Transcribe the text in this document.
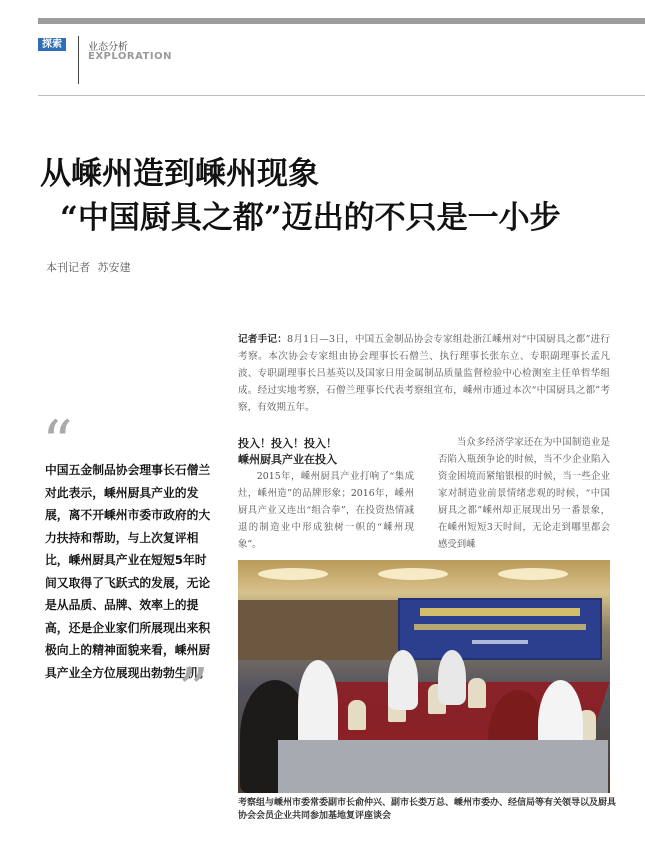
探索	业态分析
EXPLORATION
从嵊州造到嵊州现象
“中国厨具之都”迈出的不只是一小步
本刊记者 苏安建
记者手记：8月1日—3日，中国五金制品协会专家组赴浙江嵊州对“中国厨具之都”进行考察。本次协会专家组由协会理事长石僧兰、执行理事长张东立、专职副理事长孟凡波、专职副理事长吕基英以及国家日用金属制品质量监督检验中心检测室主任单哲华组成。经过实地考察，石僧兰理事长代表考察组宣布，嵊州市通过本次“中国厨具之都”考察，有效期五年。
“
中国五金制品协会理事长石僧兰对此表示，嵊州厨具产业的发展，离不开嵊州市委市政府的大力扶持和帮助，与上次复评相比，嵊州厨具产业在短短5年时间又取得了飞跃式的发展，无论是从品质、品牌、效率上的提高，还是企业家们所展现出来积极向上的精神面貌来看，嵊州厨具产业全方位展现出勃勃生机。
”
投入！投入！投入！
嵊州厨具产业在投入
2015年，嵊州厨具产业打响了“集成灶，嵊州造”的品牌形象；2016年，嵊州厨具产业又连出“组合拳”，在投资热情减退的制造业中形成独树一帜的“嵊州现象”。
当众多经济学家还在为中国制造业是否陷入瓶颈争论的时候，当不少企业陷入资金困境而紧缩银根的时候，当一些企业家对制造业前景情绪悲观的时候，“中国厨具之都”嵊州却正展现出另一番景象，在嵊州短短3天时间，无论走到哪里都会感受到嵊
考察组与嵊州市委常委副市长俞仲兴、副市长娄万总、嵊州市委办、经信局等有关领导以及厨具协会会员企业共同参加基地复评座谈会
